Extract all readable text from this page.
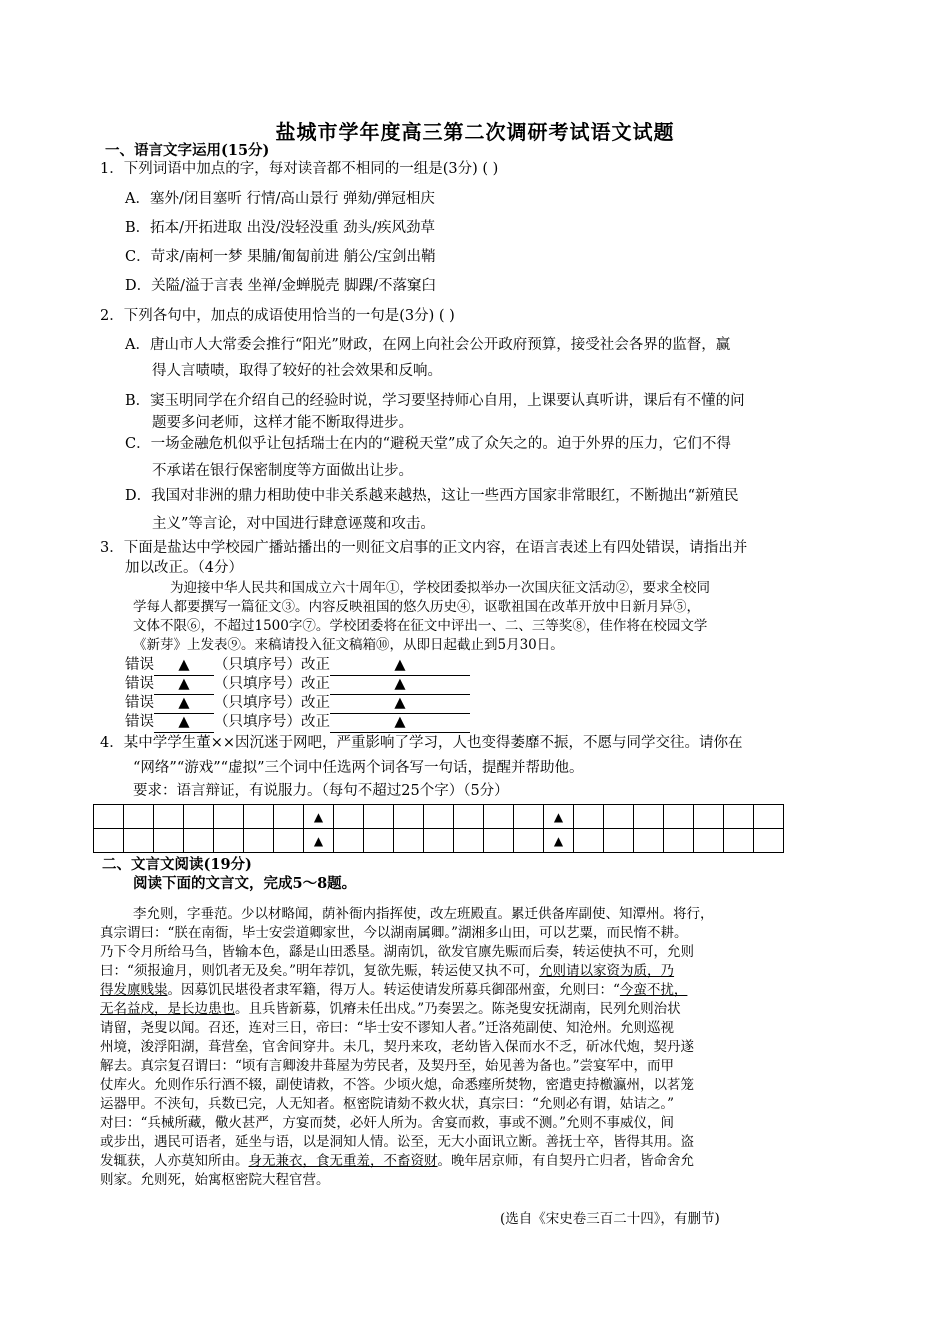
盐城市学年度高三第二次调研考试语文试题
一、语言文字运用(15分)
1．下列词语中加点的字，每对读音都不相同的一组是(3分) ( )
A．塞外/闭目塞听 行情/高山景行 弹劾/弹冠相庆
B．拓本/开拓进取 出没/没轻没重 劲头/疾风劲草
C．苛求/南柯一梦 果脯/匍匐前进 艄公/宝剑出鞘
D．关隘/溢于言表 坐禅/金蝉脱壳 脚踝/不落窠臼
2．下列各句中，加点的成语使用恰当的一句是(3分) ( )
A．唐山市人大常委会推行“阳光”财政，在网上向社会公开政府预算，接受社会各界的监督，赢
得人言啧啧，取得了较好的社会效果和反响。
B．窦玉明同学在介绍自己的经验时说，学习要坚持师心自用，上课要认真听讲，课后有不懂的问
题要多问老师，这样才能不断取得进步。
C．一场金融危机似乎让包括瑞士在内的“避税天堂”成了众矢之的。迫于外界的压力，它们不得
不承诺在银行保密制度等方面做出让步。
D．我国对非洲的鼎力相助使中非关系越来越热，这让一些西方国家非常眼红，不断抛出“新殖民
主义”等言论，对中国进行肆意诬蔑和攻击。
3．下面是盐达中学校园广播站播出的一则征文启事的正文内容，在语言表述上有四处错误，请指出并
加以改正。（4分）
为迎接中华人民共和国成立六十周年①，学校团委拟举办一次国庆征文活动②，要求全校同
学每人都要撰写一篇征文③。内容反映祖国的悠久历史④，讴歌祖国在改革开放中日新月异⑤，
文体不限⑥，不超过1500字⑦。学校团委将在征文中评出一、二、三等奖⑧，佳作将在校园文学
《新芽》上发表⑨。来稿请投入征文稿箱⑩，从即日起截止到5月30日。
错误 ▲ （只填序号）改正	▲
错误 ▲ （只填序号）改正	▲
错误 ▲ （只填序号）改正	▲
错误 ▲ （只填序号）改正	▲
4．某中学学生董××因沉迷于网吧，严重影响了学习，人也变得萎靡不振，不愿与同学交往。请你在
“网络”“游戏”“虚拟”三个词中任选两个词各写一句话，提醒并帮助他。
要求：语言辩证，有说服力。（每句不超过25个字）（5分）
							▲								▲							
							▲								▲							
二、文言文阅读(19分)
阅读下面的文言文，完成5～8题。
李允则，字垂范。少以材略闻，荫补衙内指挥使，改左班殿直。累迁供备库副使、知潭州。将行，
真宗谓曰：“朕在南衙，毕士安尝道卿家世，今以湖南属卿。”湖湘多山田，可以艺粟，而民惰不耕。
乃下令月所给马刍，皆输本色，繇是山田悉垦。湖南饥，欲发官廪先赈而后奏，转运使执不可，允则
曰：“须报逾月，则饥者无及矣。”明年荐饥，复欲先赈，转运使又执不可，允则请以家资为质，乃
得发廪贱粜。因募饥民堪役者隶军籍，得万人。转运使请发所募兵御邵州蛮，允则曰：“今蛮不扰，
无名益戍，是长边患也。且兵皆新募，饥瘠未任出戍。”乃奏罢之。陈尧叟安抚湖南，民列允则治状
请留，尧叟以闻。召还，连对三日，帝曰：“毕士安不谬知人者。”迁洛苑副使、知沧州。允则巡视
州境，浚浮阳湖，葺营垒，官舍间穿井。未几，契丹来攻，老幼皆入保而水不乏，斫冰代炮，契丹遂
解去。真宗复召谓曰：“顷有言卿浚井葺屋为劳民者，及契丹至，始见善为备也。”尝宴军中，而甲
仗库火。允则作乐行酒不辍，副使请救，不答。少顷火熄，命悉瘗所焚物，密遣吏持檄瀛州，以茗笼
运器甲。不浃旬，兵数已完，人无知者。枢密院请劾不救火状，真宗曰：“允则必有谓，姑诘之。”
对曰：“兵械所藏，儆火甚严，方宴而焚，必奸人所为。舍宴而救，事或不测。”允则不事威仪，间
或步出，遇民可语者，延坐与语，以是洞知人情。讼至，无大小面讯立断。善抚士卒，皆得其用。盗
发辄获，人亦莫知所由。身无兼衣，食无重羞，不畜资财。晚年居京师，有自契丹亡归者，皆命舍允
则家。允则死，始寓枢密院大程官营。
(选自《宋史卷三百二十四》，有删节)
